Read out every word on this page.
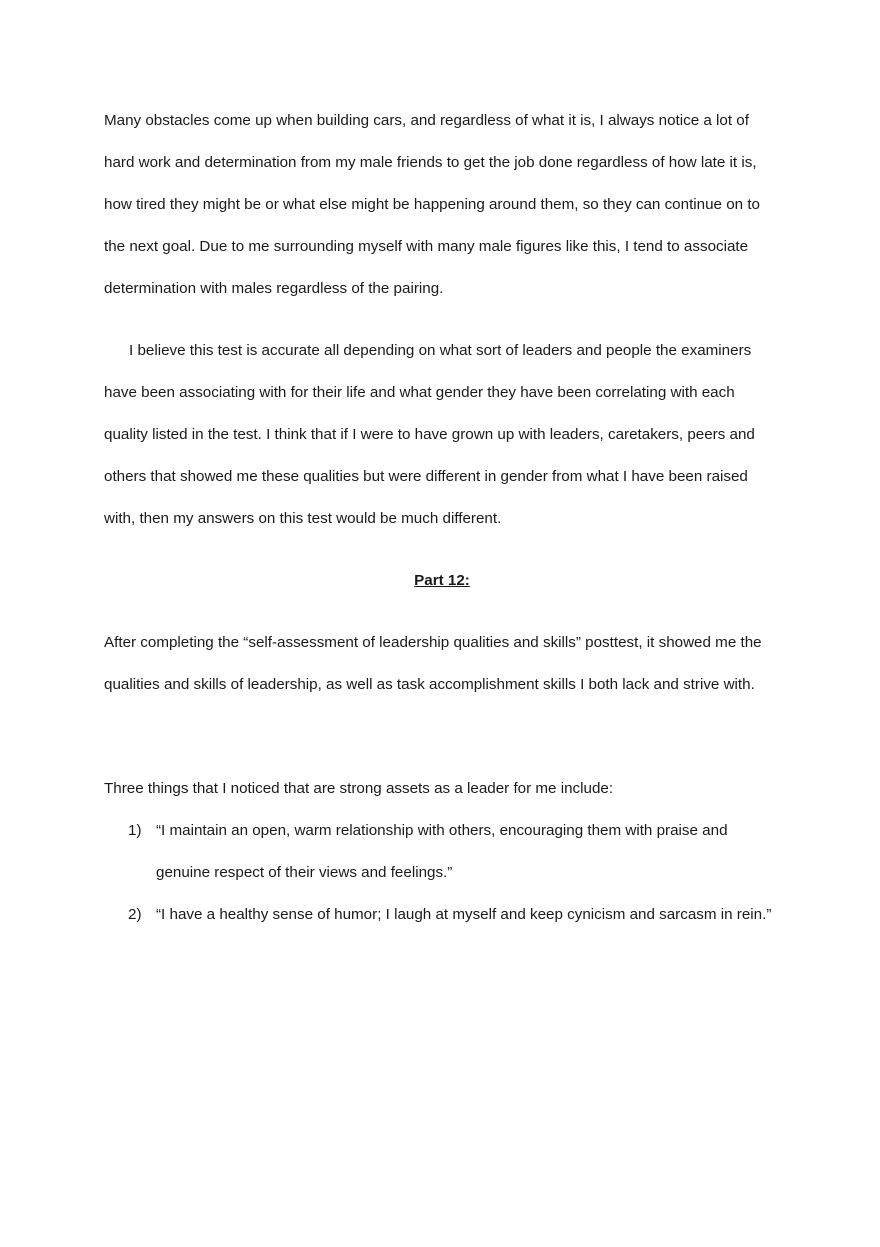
Many obstacles come up when building cars, and regardless of what it is, I always notice a lot of hard work and determination from my male friends to get the job done regardless of how late it is, how tired they might be or what else might be happening around them, so they can continue on to the next goal. Due to me surrounding myself with many male figures like this, I tend to associate determination with males regardless of the pairing.

I believe this test is accurate all depending on what sort of leaders and people the examiners have been associating with for their life and what gender they have been correlating with each quality listed in the test. I think that if I were to have grown up with leaders, caretakers, peers and others that showed me these qualities but were different in gender from what I have been raised with, then my answers on this test would be much different.

Part 12:

After completing the “self-assessment of leadership qualities and skills” posttest, it showed me the qualities and skills of leadership, as well as task accomplishment skills I both lack and strive with.

Three things that I noticed that are strong assets as a leader for me include:

1) “I maintain an open, warm relationship with others, encouraging them with praise and genuine respect of their views and feelings.”
2) “I have a healthy sense of humor; I laugh at myself and keep cynicism and sarcasm in rein.”
